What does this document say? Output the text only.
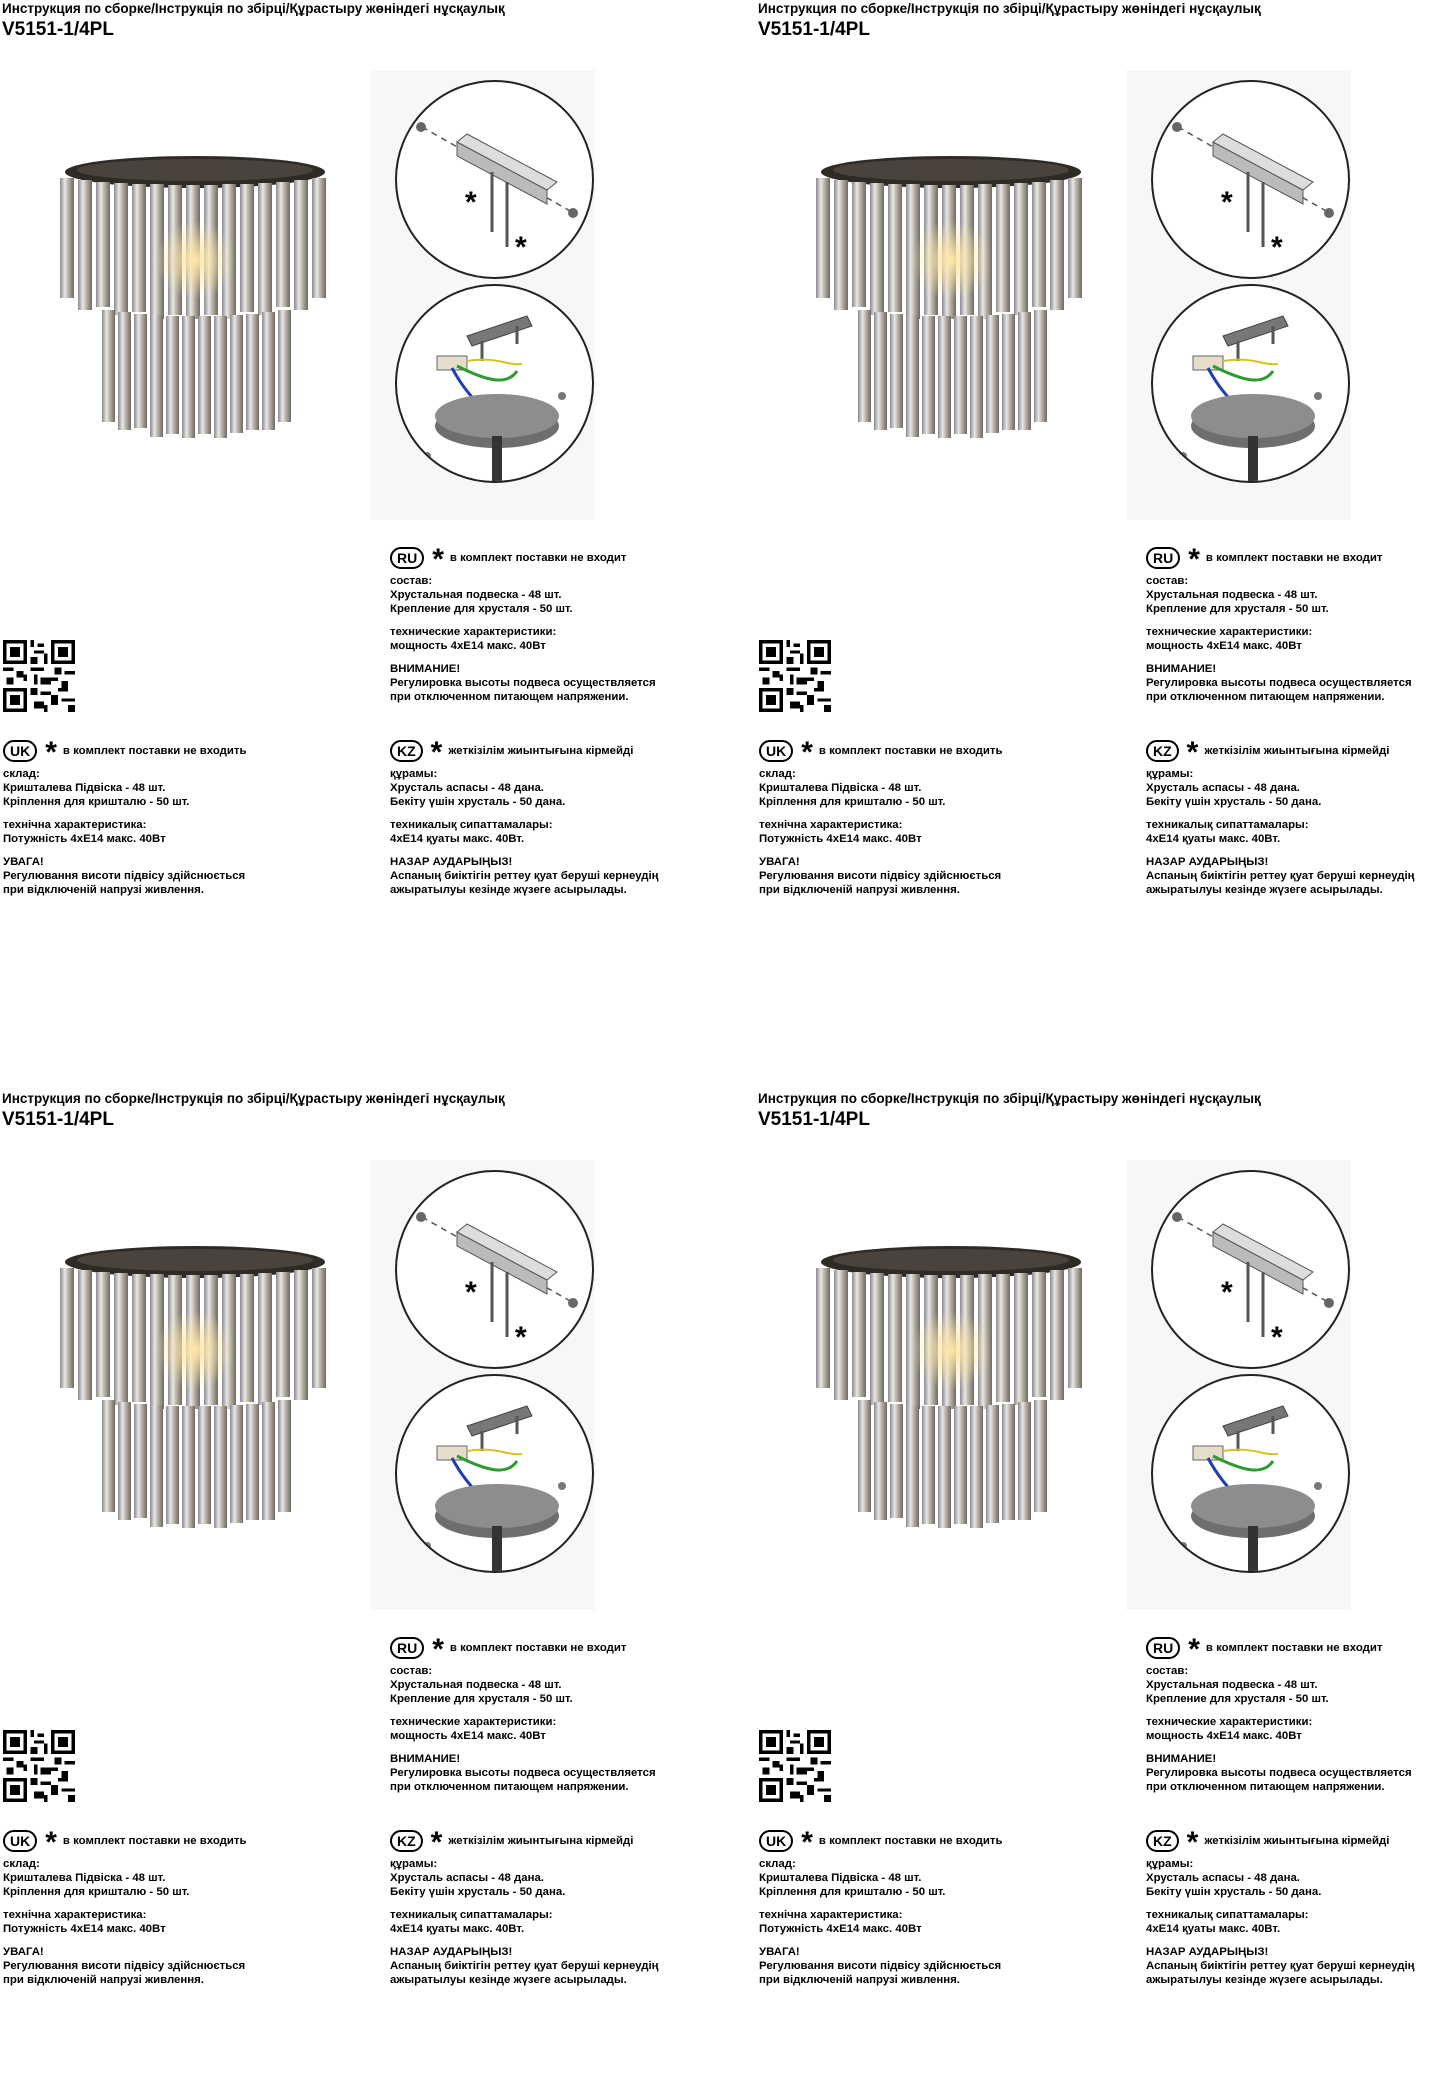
Инструкция по сборке/Інструкція по збірці/Құрастыру жөніндегі нұсқаулық
V5151-1/4PL
*
*
RU * в комплект поставки не входит

состав:

Хрустальная подвеска - 48 шт.

Крепление для хрусталя - 50 шт.

технические характеристики:

мощность 4хЕ14 макс. 40Вт

ВНИМАНИЕ!

Регулировка высоты подвеса осуществляется

при отключенном питающем напряжении.

UK * в комплект поставки не входить

склад:

Кришталева Підвіска - 48 шт.

Кріплення для кришталю - 50 шт.

технічна характеристика:

Потужність 4хЕ14 макс. 40Вт

УВАГА!

Регулювання висоти підвісу здійснюється

при відключеній напрузі живлення.

KZ * жеткізілім жиынтығына кірмейді

құрамы:

Хрусталь аспасы - 48 дана.

Бекіту үшін хрусталь - 50 дана.

техникалық сипаттамалары:

4хЕ14 қуаты макс. 40Вт.

НАЗАР АУДАРЫҢЫЗ!

Аспаның биіктігін реттеу қуат беруші кернеудің

ажыратылуы кезінде жүзеге асырылады.

Инструкция по сборке/Інструкція по збірці/Құрастыру жөніндегі нұсқаулық
V5151-1/4PL
*
*
RU * в комплект поставки не входит

состав:

Хрустальная подвеска - 48 шт.

Крепление для хрусталя - 50 шт.

технические характеристики:

мощность 4хЕ14 макс. 40Вт

ВНИМАНИЕ!

Регулировка высоты подвеса осуществляется

при отключенном питающем напряжении.

UK * в комплект поставки не входить

склад:

Кришталева Підвіска - 48 шт.

Кріплення для кришталю - 50 шт.

технічна характеристика:

Потужність 4хЕ14 макс. 40Вт

УВАГА!

Регулювання висоти підвісу здійснюється

при відключеній напрузі живлення.

KZ * жеткізілім жиынтығына кірмейді

құрамы:

Хрусталь аспасы - 48 дана.

Бекіту үшін хрусталь - 50 дана.

техникалық сипаттамалары:

4хЕ14 қуаты макс. 40Вт.

НАЗАР АУДАРЫҢЫЗ!

Аспаның биіктігін реттеу қуат беруші кернеудің

ажыратылуы кезінде жүзеге асырылады.

Инструкция по сборке/Інструкція по збірці/Құрастыру жөніндегі нұсқаулық
V5151-1/4PL
*
*
RU * в комплект поставки не входит

состав:

Хрустальная подвеска - 48 шт.

Крепление для хрусталя - 50 шт.

технические характеристики:

мощность 4хЕ14 макс. 40Вт

ВНИМАНИЕ!

Регулировка высоты подвеса осуществляется

при отключенном питающем напряжении.

UK * в комплект поставки не входить

склад:

Кришталева Підвіска - 48 шт.

Кріплення для кришталю - 50 шт.

технічна характеристика:

Потужність 4хЕ14 макс. 40Вт

УВАГА!

Регулювання висоти підвісу здійснюється

при відключеній напрузі живлення.

KZ * жеткізілім жиынтығына кірмейді

құрамы:

Хрусталь аспасы - 48 дана.

Бекіту үшін хрусталь - 50 дана.

техникалық сипаттамалары:

4хЕ14 қуаты макс. 40Вт.

НАЗАР АУДАРЫҢЫЗ!

Аспаның биіктігін реттеу қуат беруші кернеудің

ажыратылуы кезінде жүзеге асырылады.

Инструкция по сборке/Інструкція по збірці/Құрастыру жөніндегі нұсқаулық
V5151-1/4PL
*
*
RU * в комплект поставки не входит

состав:

Хрустальная подвеска - 48 шт.

Крепление для хрусталя - 50 шт.

технические характеристики:

мощность 4хЕ14 макс. 40Вт

ВНИМАНИЕ!

Регулировка высоты подвеса осуществляется

при отключенном питающем напряжении.

UK * в комплект поставки не входить

склад:

Кришталева Підвіска - 48 шт.

Кріплення для кришталю - 50 шт.

технічна характеристика:

Потужність 4хЕ14 макс. 40Вт

УВАГА!

Регулювання висоти підвісу здійснюється

при відключеній напрузі живлення.

KZ * жеткізілім жиынтығына кірмейді

құрамы:

Хрусталь аспасы - 48 дана.

Бекіту үшін хрусталь - 50 дана.

техникалық сипаттамалары:

4хЕ14 қуаты макс. 40Вт.

НАЗАР АУДАРЫҢЫЗ!

Аспаның биіктігін реттеу қуат беруші кернеудің

ажыратылуы кезінде жүзеге асырылады.
